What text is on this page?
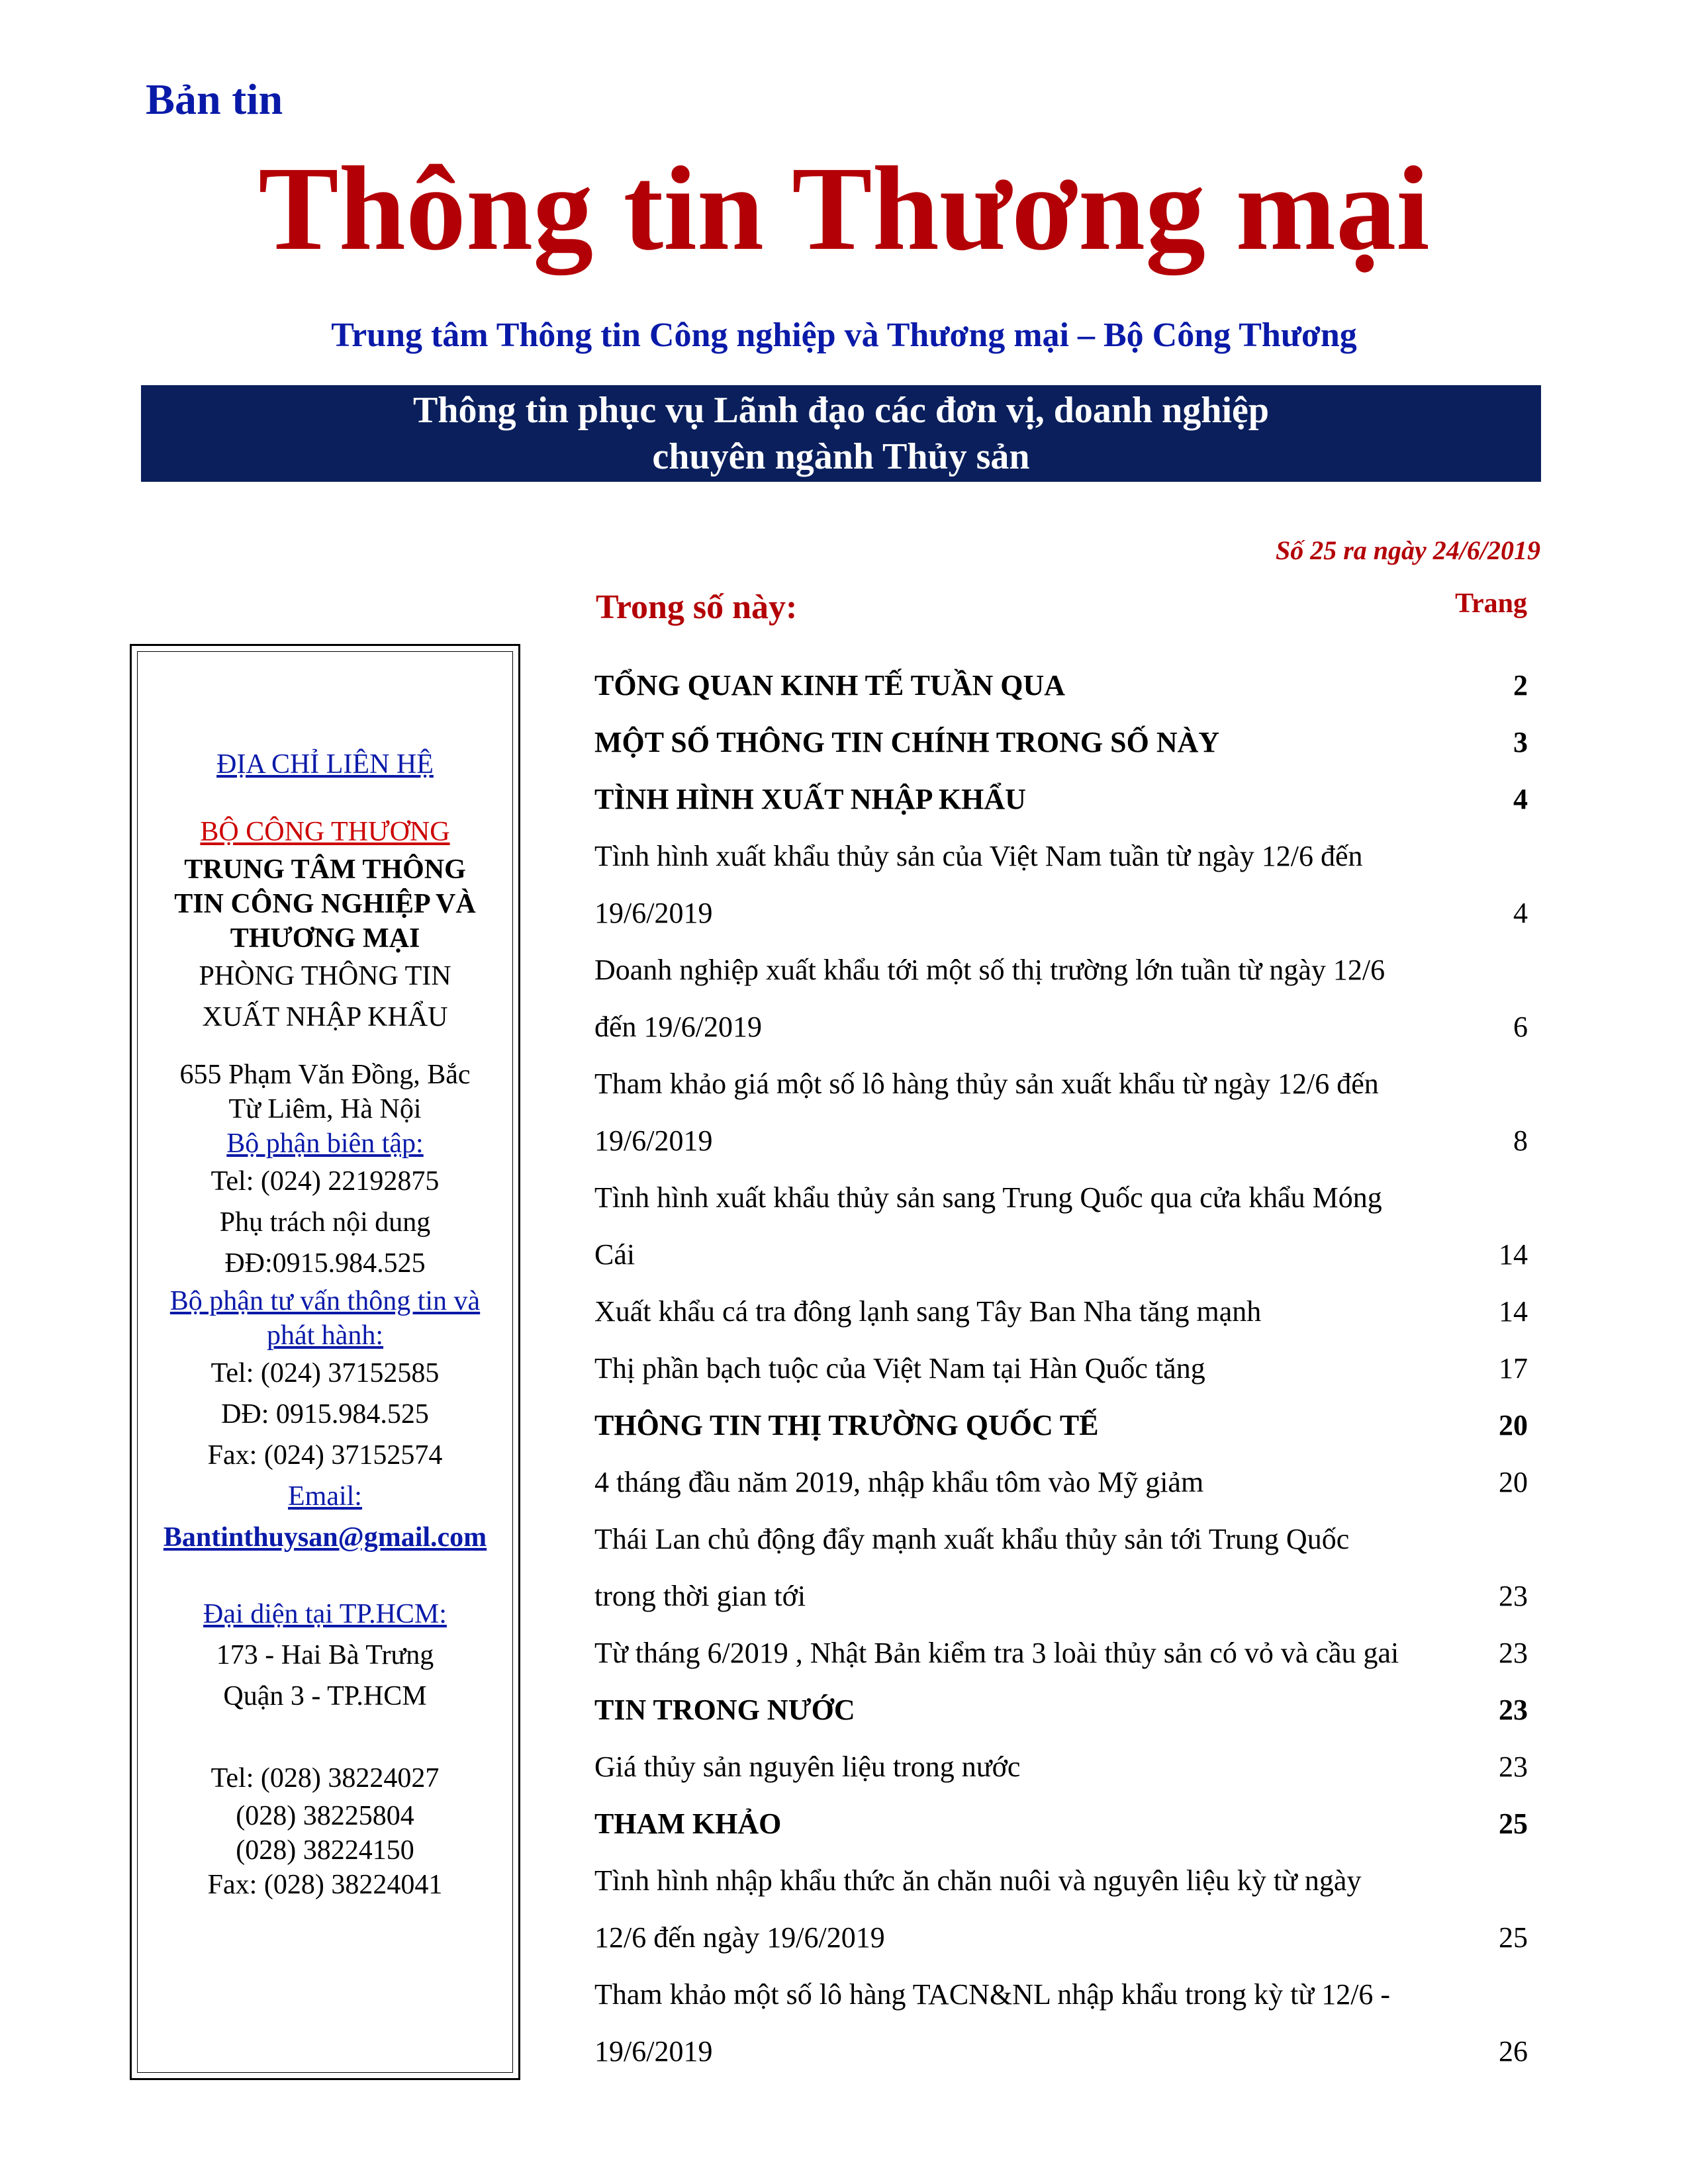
Bản tin
Thông tin Thương mại
Trung tâm Thông tin Công nghiệp và Thương mại – Bộ Công Thương
Thông tin phục vụ Lãnh đạo các đơn vị, doanh nghiệp
chuyên ngành Thủy sản
Số 25 ra ngày 24/6/2019
Trong số này:	Trang
ĐỊA CHỈ LIÊN HỆ
BỘ CÔNG THƯƠNG
TRUNG TÂM THÔNG
TIN CÔNG NGHIỆP VÀ
THƯƠNG MẠI
PHÒNG THÔNG TIN
XUẤT NHẬP KHẨU
655 Phạm Văn Đồng, Bắc
Từ Liêm, Hà Nội
Bộ phận biên tập:
Tel: (024) 22192875
Phụ trách nội dung
ĐĐ:0915.984.525
Bộ phận tư vấn thông tin và
phát hành:
Tel: (024) 37152585
DĐ: 0915.984.525
Fax: (024) 37152574
Email:
Bantinthuysan@gmail.com
Đại diện tại TP.HCM:
173 - Hai Bà Trưng
Quận 3 - TP.HCM
Tel: (028) 38224027
(028) 38225804
(028) 38224150
Fax: (028) 38224041
TỔNG QUAN KINH TẾ TUẦN QUA	2
MỘT SỐ THÔNG TIN CHÍNH TRONG SỐ NÀY	3
TÌNH HÌNH XUẤT NHẬP KHẨU	4
Tình hình xuất khẩu thủy sản của Việt Nam tuần từ ngày 12/6 đến
19/6/2019	4
Doanh nghiệp xuất khẩu tới một số thị trường lớn tuần từ ngày 12/6
đến 19/6/2019	6
Tham khảo giá một số lô hàng thủy sản xuất khẩu từ ngày 12/6 đến
19/6/2019	8
Tình hình xuất khẩu thủy sản sang Trung Quốc qua cửa khẩu Móng
Cái	14
Xuất khẩu cá tra đông lạnh sang Tây Ban Nha tăng mạnh	14
Thị phần bạch tuộc của Việt Nam tại Hàn Quốc tăng	17
THÔNG TIN THỊ TRƯỜNG QUỐC TẾ	20
4 tháng đầu năm 2019, nhập khẩu tôm vào Mỹ giảm	20
Thái Lan chủ động đẩy mạnh xuất khẩu thủy sản tới Trung Quốc
trong thời gian tới	23
Từ tháng 6/2019 , Nhật Bản kiểm tra 3 loài thủy sản có vỏ và cầu gai	23
TIN TRONG NƯỚC	23
Giá thủy sản nguyên liệu trong nước	23
THAM KHẢO	25
Tình hình nhập khẩu thức ăn chăn nuôi và nguyên liệu kỳ từ ngày
12/6 đến ngày 19/6/2019	25
Tham khảo một số lô hàng TACN&NL nhập khẩu trong kỳ từ 12/6 -
19/6/2019	26
